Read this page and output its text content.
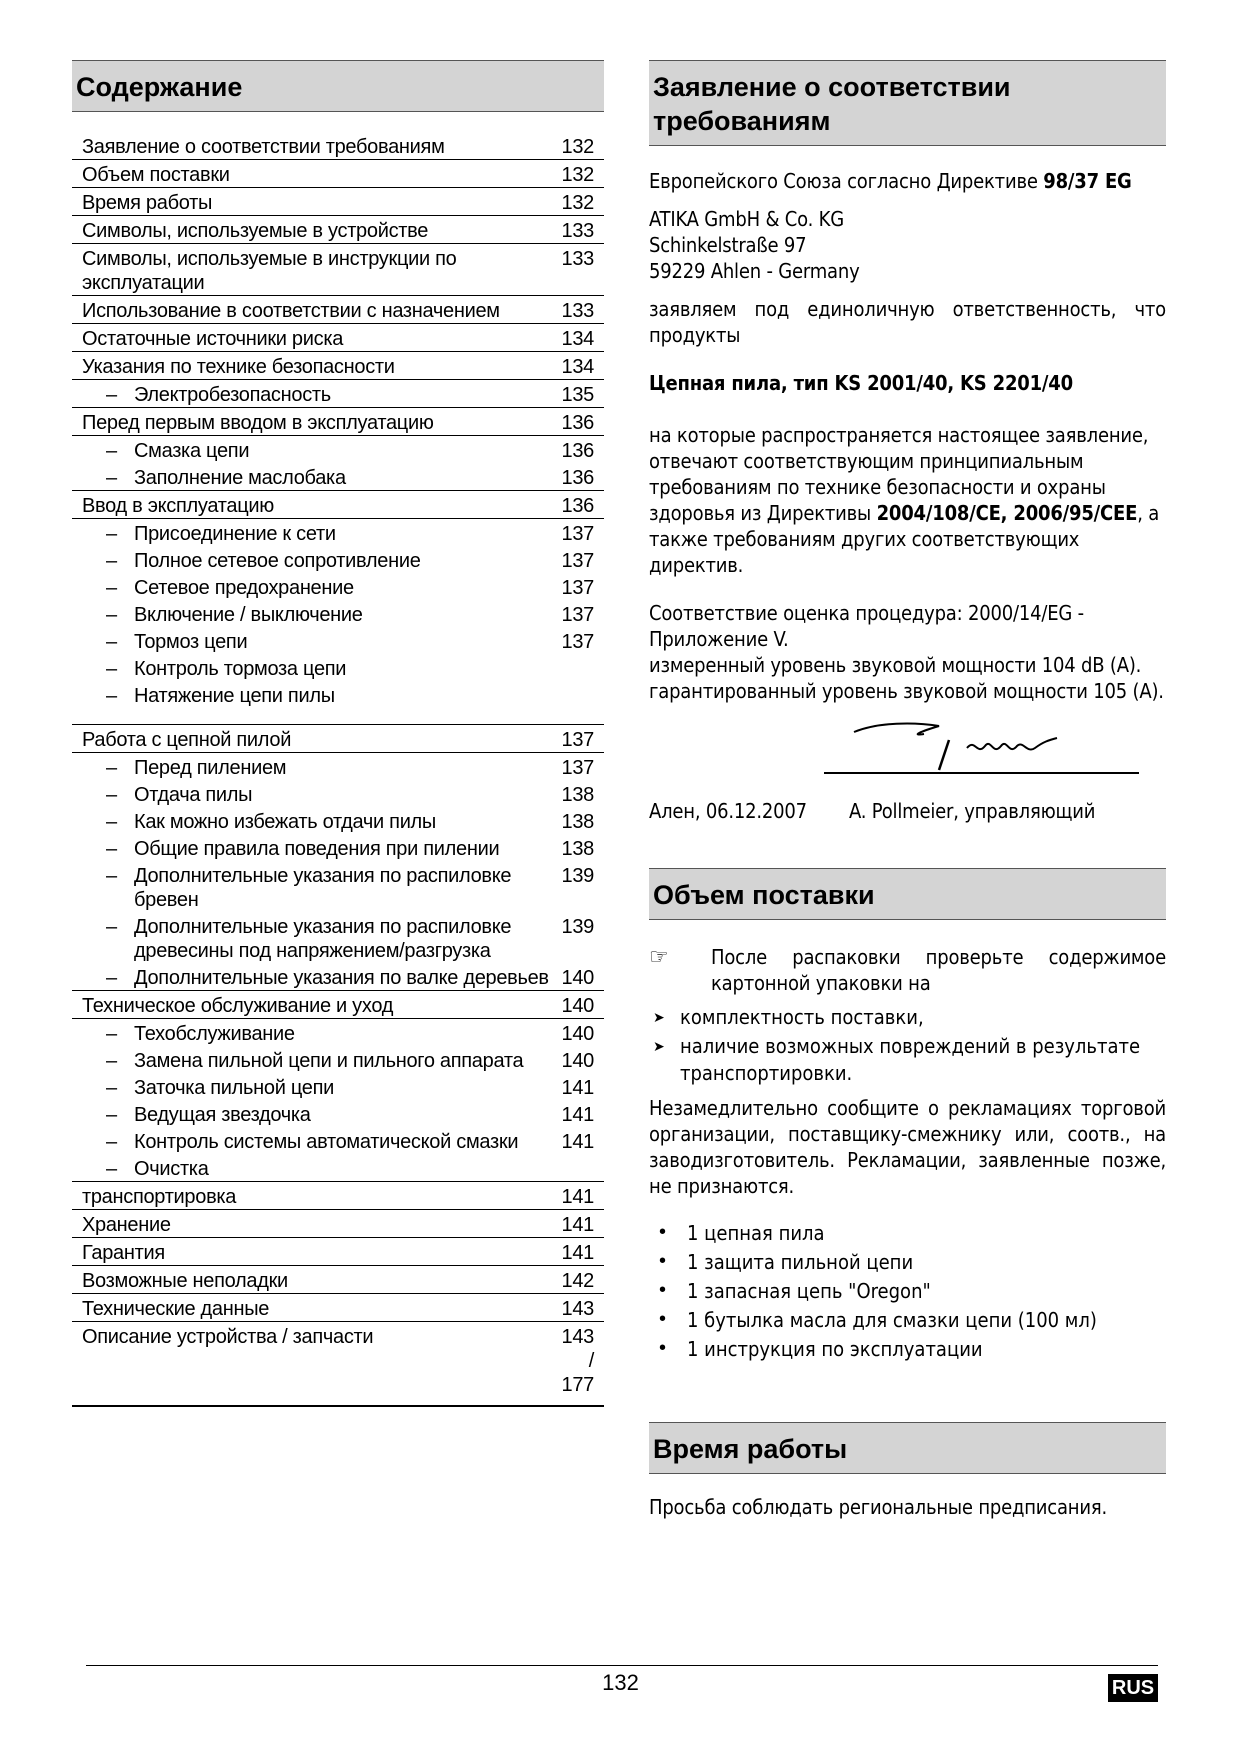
Содержание
Заявление о соответствии требованиям	132
Объем поставки	132
Время работы	132
Символы, используемые в устройстве	133
Символы, используемые в инструкции по эксплуатации
133
Использование в соответствии с назначением	133
Остаточные источники риска	134
Указания по технике безопасности	134
– Электробезопасность	135
Перед первым вводом в эксплуатацию	136
– Смазка цепи	136
– Заполнение маслобака	136
Ввод в эксплуатацию	136
– Присоединение к сети	137
– Полное сетевое сопротивление	137
– Сетевое предохранение	137
– Включение / выключение	137
– Тормоз цепи	137
– Контроль тормоза цепи
– Натяжение цепи пилы
Работа с цепной пилой	137
– Перед пилением	137
– Отдача пилы	138
– Как можно избежать отдачи пилы	138
– Общие правила поведения при пилении	138
– Дополнительные указания по распиловке бревен
139
– Дополнительные указания по распиловке древесины под напряжением/разгрузка
139
– Дополнительные указания по валке деревьев 140
Техническое обслуживание и уход	140
– Техобслуживание	140
– Замена пильной цепи и пильного аппарата	140
– Заточка пильной цепи	141
– Ведущая звездочка	141
– Контроль системы автоматической смазки	141
– Очистка
транспортировка	141
Хранение	141
Гарантия	141
Возможные неполадки	142
Технические данные	143
Описание устройства / запчасти	143 / 177
Заявление о соответствии требованиям

Европейского Союза согласно Директиве 98/37 EG

ATIKA GmbH & Co. KG

Schinkelstraße 97

59229 Ahlen - Germany

заявляем под единоличную ответственность, что продукты

Цепная пила, тип KS 2001/40, KS 2201/40

на которые распространяется настоящее заявление, отвечают соответствующим принципиальным требованиям по технике безопасности и охраны здоровья из Директивы 2004/108/CE, 2006/95/CEE, а также требованиям других соответствующих директив.

Соответствие оценка процедура: 2000/14/EG - Приложение V.

измеренный уровень звуковой мощности 104 dB (A).

гарантированный уровень звуковой мощности 105 (A).

Ален, 06.12.2007	A. Pollmeier, управляющий
Объем поставки
☞	После распаковки проверьте содержимое картонной упаковки на

➤ комплектность поставки,
➤ наличие возможных повреждений в результате транспортировки.

Незамедлительно сообщите о рекламациях торговой организации, поставщику-смежнику или, соотв., на заводизготовитель. Рекламации, заявленные позже, не признаются.

• 1 цепная пила
• 1 защита пильной цепи
• 1 запасная цепь "Oregon"
• 1 бутылка масла для смазки цепи (100 мл)
• 1 инструкция по эксплуатации
Время работы

Просьба соблюдать региональные предписания.

132	RUS
